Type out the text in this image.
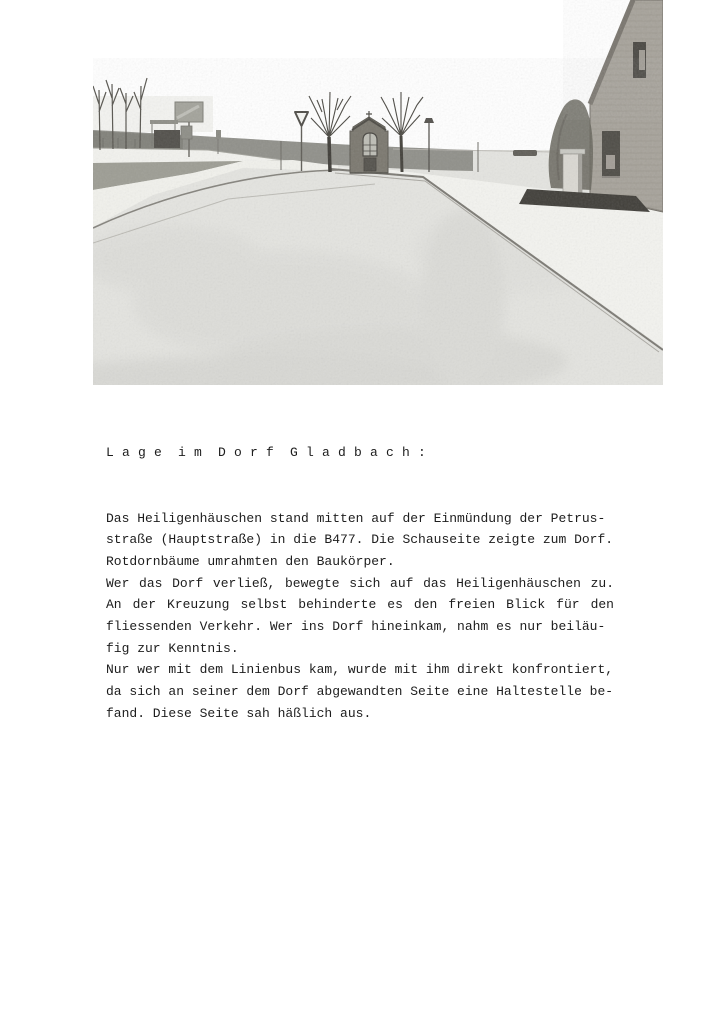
L a g e  i m  D o r f  G l a d b a c h :

Das Heiligenhäuschen stand mitten auf der Einmündung der Petrus-
straße (Hauptstraße) in die B477. Die Schauseite zeigte zum Dorf.
Rotdornbäume umrahmten den Baukörper.
Wer das Dorf verließ, bewegte sich auf das Heiligenhäuschen zu.
An der Kreuzung selbst behinderte es den freien Blick für den
fliessenden Verkehr. Wer ins Dorf hineinkam, nahm es nur beiläu-
fig zur Kenntnis.
Nur wer mit dem Linienbus kam, wurde mit ihm direkt konfrontiert,
da sich an seiner dem Dorf abgewandten Seite eine Haltestelle be-
fand. Diese Seite sah häßlich aus.
